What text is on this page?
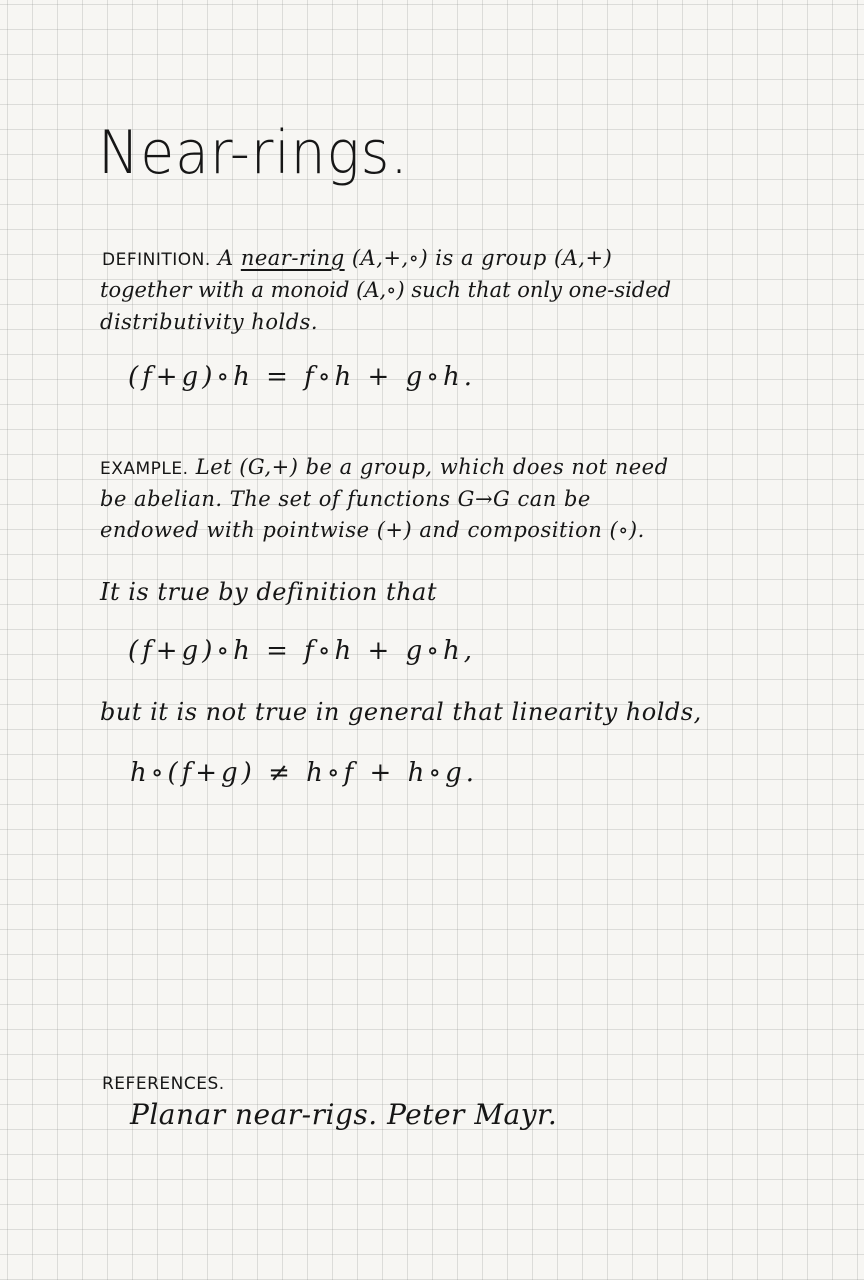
Near-rings.
DEFINITION. A near-ring (A,+,∘) is a group (A,+)
together with a monoid (A,∘) such that only one-sided
distributivity holds.
(f+g)∘h = f∘h + g∘h.
EXAMPLE. Let (G,+) be a group, which does not need
be abelian. The set of functions G→G can be
endowed with pointwise (+) and composition (∘).
It is true by definition that
(f+g)∘h = f∘h + g∘h,
but it is not true in general that linearity holds,
h∘(f+g) ≠ h∘f + h∘g.
REFERENCES.
Planar near-rigs. Peter Mayr.
